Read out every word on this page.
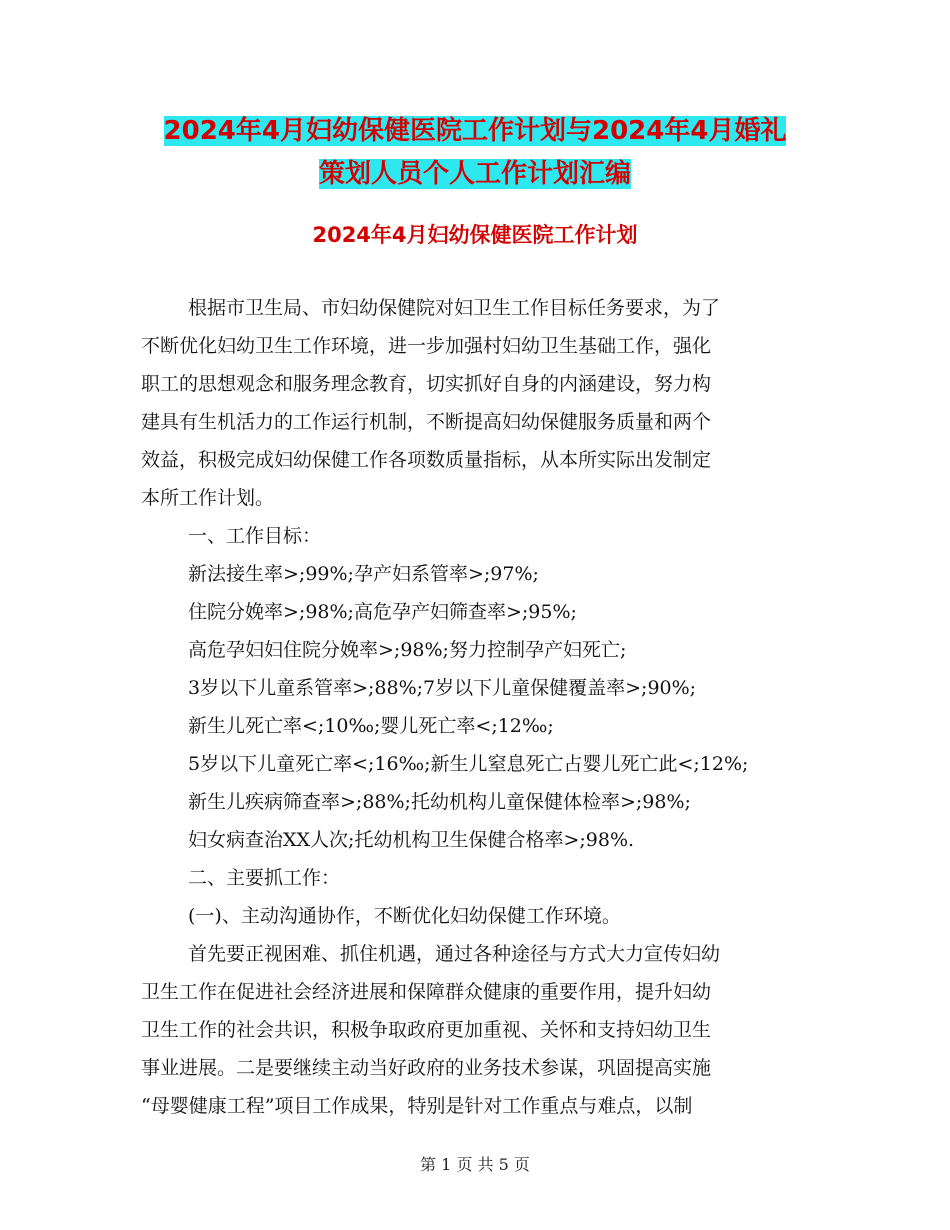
2024年4月妇幼保健医院工作计划与2024年4月婚礼
策划人员个人工作计划汇编
2024年4月妇幼保健医院工作计划
根据市卫生局、市妇幼保健院对妇卫生工作目标任务要求，为了
不断优化妇幼卫生工作环境，进一步加强村妇幼卫生基础工作，强化
职工的思想观念和服务理念教育，切实抓好自身的内涵建设，努力构
建具有生机活力的工作运行机制，不断提高妇幼保健服务质量和两个
效益，积极完成妇幼保健工作各项数质量指标，从本所实际出发制定
本所工作计划。
一、工作目标：
新法接生率>;99%;孕产妇系管率>;97%;
住院分娩率>;98%;高危孕产妇筛查率>;95%;
高危孕妇妇住院分娩率>;98%;努力控制孕产妇死亡;
3岁以下儿童系管率>;88%;7岁以下儿童保健覆盖率>;90%;
新生儿死亡率<;10‰;婴儿死亡率<;12‰;
5岁以下儿童死亡率<;16‰;新生儿窒息死亡占婴儿死亡此<;12%;
新生儿疾病筛查率>;88%;托幼机构儿童保健体检率>;98%;
妇女病查治XX人次;托幼机构卫生保健合格率>;98%.
二、主要抓工作：
(一)、主动沟通协作，不断优化妇幼保健工作环境。
首先要正视困难、抓住机遇，通过各种途径与方式大力宣传妇幼
卫生工作在促进社会经济进展和保障群众健康的重要作用，提升妇幼
卫生工作的社会共识，积极争取政府更加重视、关怀和支持妇幼卫生
事业进展。二是要继续主动当好政府的业务技术参谋，巩固提高实施
“母婴健康工程”项目工作成果，特别是针对工作重点与难点，以制
第 1 页 共 5 页
